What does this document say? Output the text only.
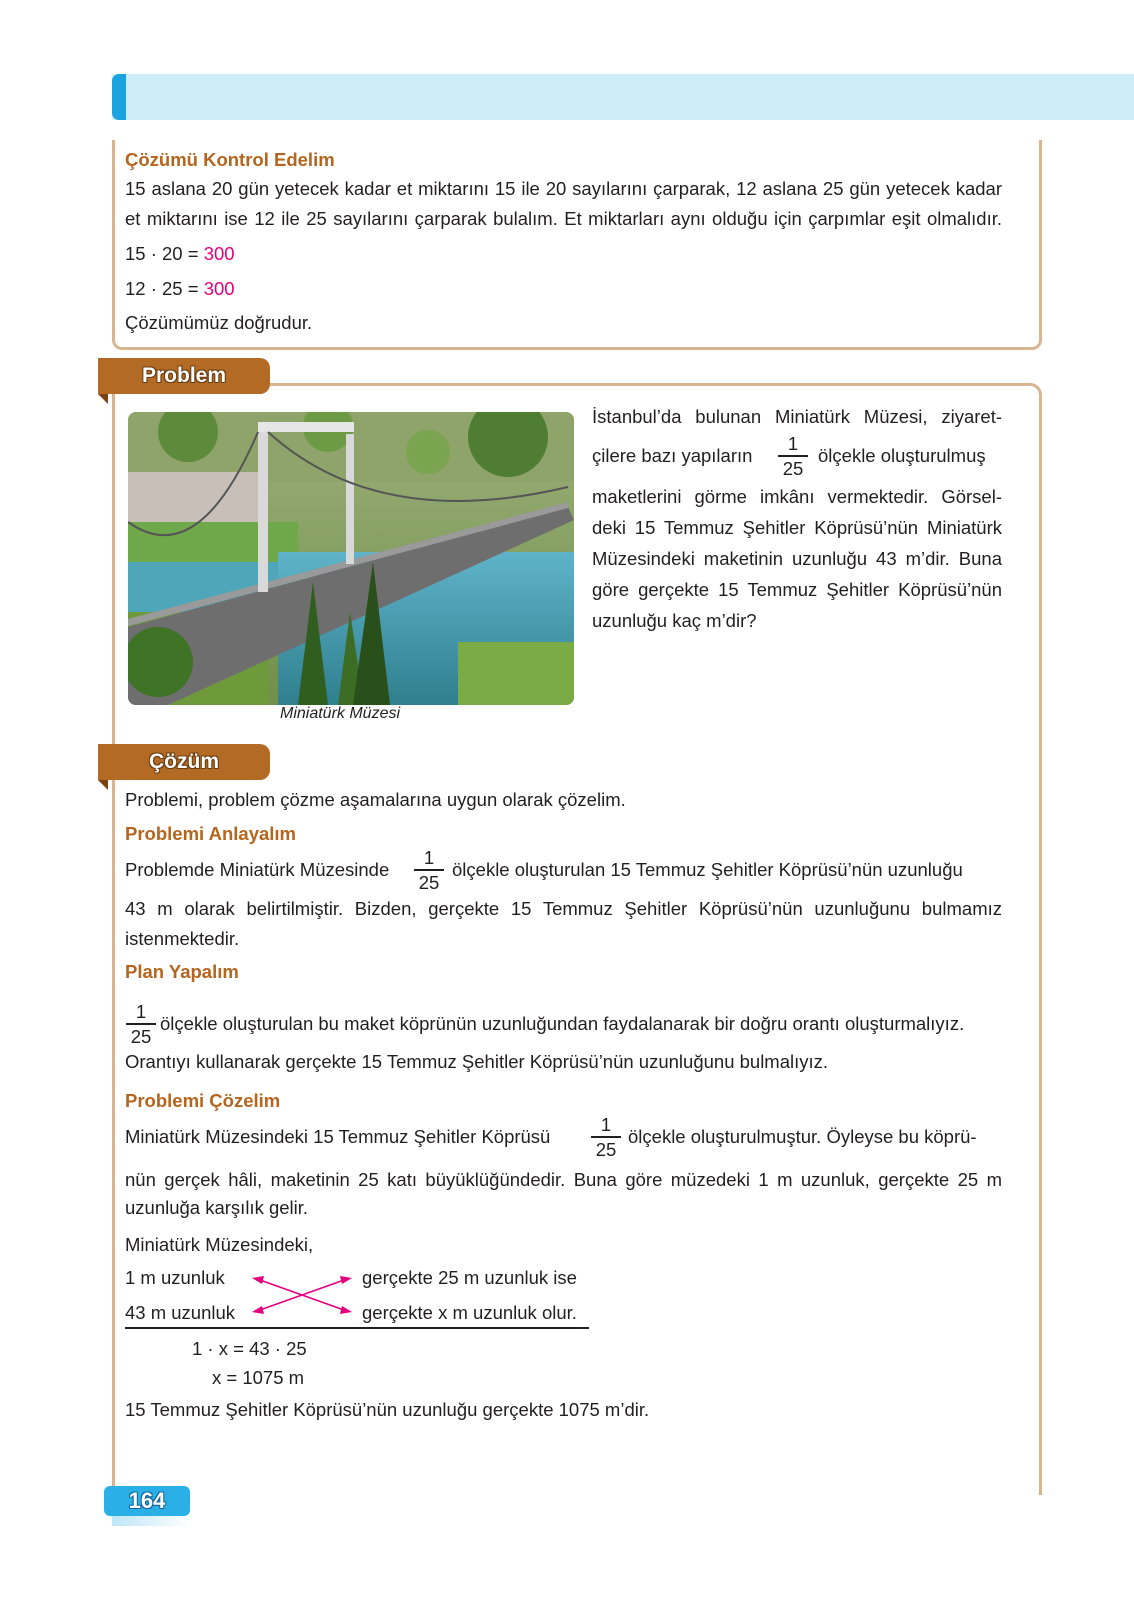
Çözümü Kontrol Edelim
15 aslana 20 gün yetecek kadar et miktarını 15 ile 20 sayılarını çarparak, 12 aslana 25 gün yetecek kadar
et miktarını ise 12 ile 25 sayılarını çarparak bulalım. Et miktarları aynı olduğu için çarpımlar eşit olmalıdır.
15 · 20 = 300
12 · 25 = 300
Çözümümüz doğrudur.
Problem
Miniatürk Müzesi
İstanbul’da bulunan Miniatürk Müzesi, ziyaret-
çilere bazı yapıların
1
25
ölçekle oluşturulmuş
maketlerini görme imkânı vermektedir. Görsel-
deki 15 Temmuz Şehitler Köprüsü’nün Miniatürk
Müzesindeki maketinin uzunluğu 43 m’dir. Buna
göre gerçekte 15 Temmuz Şehitler Köprüsü’nün
uzunluğu kaç m’dir?
Çözüm
Problemi, problem çözme aşamalarına uygun olarak çözelim.
Problemi Anlayalım
Problemde Miniatürk Müzesinde
1
25
ölçekle oluşturulan 15 Temmuz Şehitler Köprüsü’nün uzunluğu
43 m olarak belirtilmiştir. Bizden, gerçekte 15 Temmuz Şehitler Köprüsü’nün uzunluğunu bulmamız
istenmektedir.
Plan Yapalım
1
25
ölçekle oluşturulan bu maket köprünün uzunluğundan faydalanarak bir doğru orantı oluşturmalıyız.
Orantıyı kullanarak gerçekte 15 Temmuz Şehitler Köprüsü’nün uzunluğunu bulmalıyız.
Problemi Çözelim
Miniatürk Müzesindeki 15 Temmuz Şehitler Köprüsü
1
25
ölçekle oluşturulmuştur. Öyleyse bu köprü-
nün gerçek hâli, maketinin 25 katı büyüklüğündedir. Buna göre müzedeki 1 m uzunluk, gerçekte 25 m
uzunluğa karşılık gelir.
Miniatürk Müzesindeki,
1 m uzunluk	gerçekte 25 m uzunluk ise
43 m uzunluk	gerçekte x m uzunluk olur.
1 · x = 43 · 25
x = 1075 m
15 Temmuz Şehitler Köprüsü’nün uzunluğu gerçekte 1075 m’dir.
164
